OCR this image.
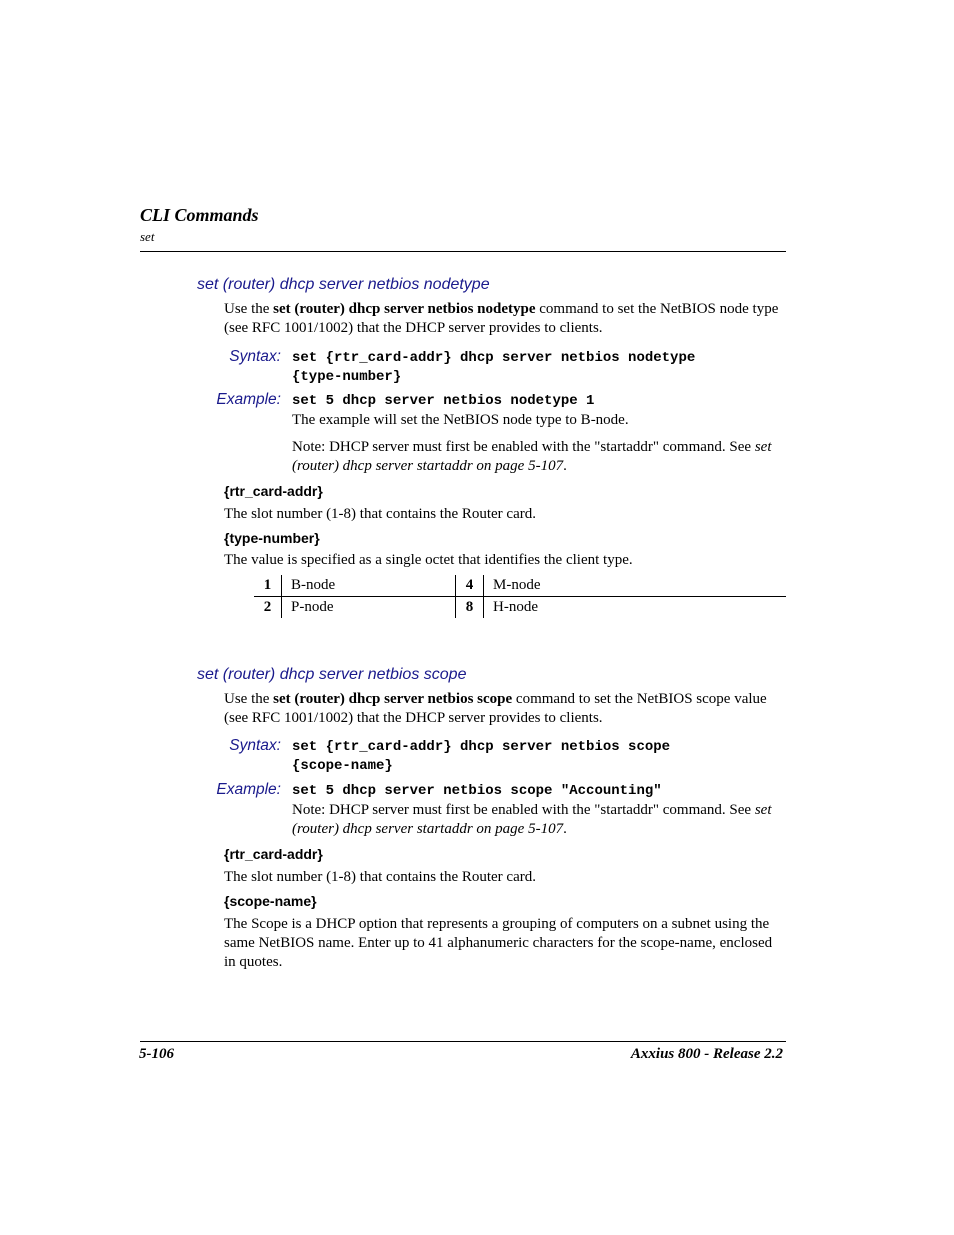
CLI Commands
set
set (router) dhcp server netbios nodetype
Use the set (router) dhcp server netbios nodetype command to set the NetBIOS node type (see RFC 1001/1002) that the DHCP server provides to clients.
Syntax: set {rtr_card-addr} dhcp server netbios nodetype
{type-number}
Example: set 5 dhcp server netbios nodetype 1
The example will set the NetBIOS node type to B-node.
Note: DHCP server must first be enabled with the "startaddr" command. See set (router) dhcp server startaddr on page 5-107.
{rtr_card-addr}
The slot number (1-8) that contains the Router card.
{type-number}
The value is specified as a single octet that identifies the client type.
1	B-node	4	M-node
2	P-node	8	H-node
set (router) dhcp server netbios scope
Use the set (router) dhcp server netbios scope command to set the NetBIOS scope value (see RFC 1001/1002) that the DHCP server provides to clients.
Syntax: set {rtr_card-addr} dhcp server netbios scope
{scope-name}
Example: set 5 dhcp server netbios scope "Accounting"
Note: DHCP server must first be enabled with the "startaddr" command. See set (router) dhcp server startaddr on page 5-107.
{rtr_card-addr}
The slot number (1-8) that contains the Router card.
{scope-name}
The Scope is a DHCP option that represents a grouping of computers on a subnet using the same NetBIOS name. Enter up to 41 alphanumeric characters for the scope-name, enclosed in quotes.
5-106	Axxius 800 - Release 2.2
